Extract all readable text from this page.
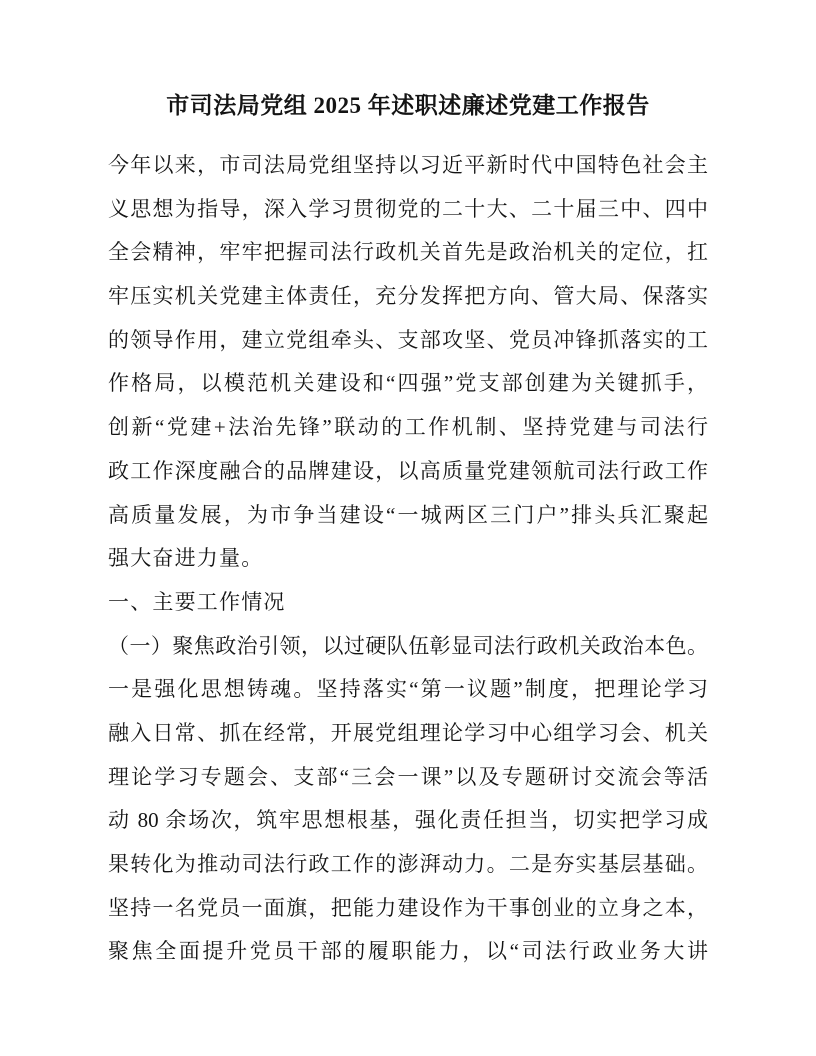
市司法局党组 2025 年述职述廉述党建工作报告

今年以来，市司法局党组坚持以习近平新时代中国特色社会主

义思想为指导，深入学习贯彻党的二十大、二十届三中、四中

全会精神，牢牢把握司法行政机关首先是政治机关的定位，扛

牢压实机关党建主体责任，充分发挥把方向、管大局、保落实

的领导作用，建立党组牵头、支部攻坚、党员冲锋抓落实的工

作格局，以模范机关建设和“四强”党支部创建为关键抓手，

创新“党建+法治先锋”联动的工作机制、坚持党建与司法行

政工作深度融合的品牌建设，以高质量党建领航司法行政工作

高质量发展，为市争当建设“一城两区三门户”排头兵汇聚起

强大奋进力量。

一、主要工作情况

（一）聚焦政治引领，以过硬队伍彰显司法行政机关政治本色。

一是强化思想铸魂。坚持落实“第一议题”制度，把理论学习

融入日常、抓在经常，开展党组理论学习中心组学习会、机关

理论学习专题会、支部“三会一课”以及专题研讨交流会等活

动 80 余场次，筑牢思想根基，强化责任担当，切实把学习成

果转化为推动司法行政工作的澎湃动力。二是夯实基层基础。

坚持一名党员一面旗，把能力建设作为干事创业的立身之本，

聚焦全面提升党员干部的履职能力，以“司法行政业务大讲
